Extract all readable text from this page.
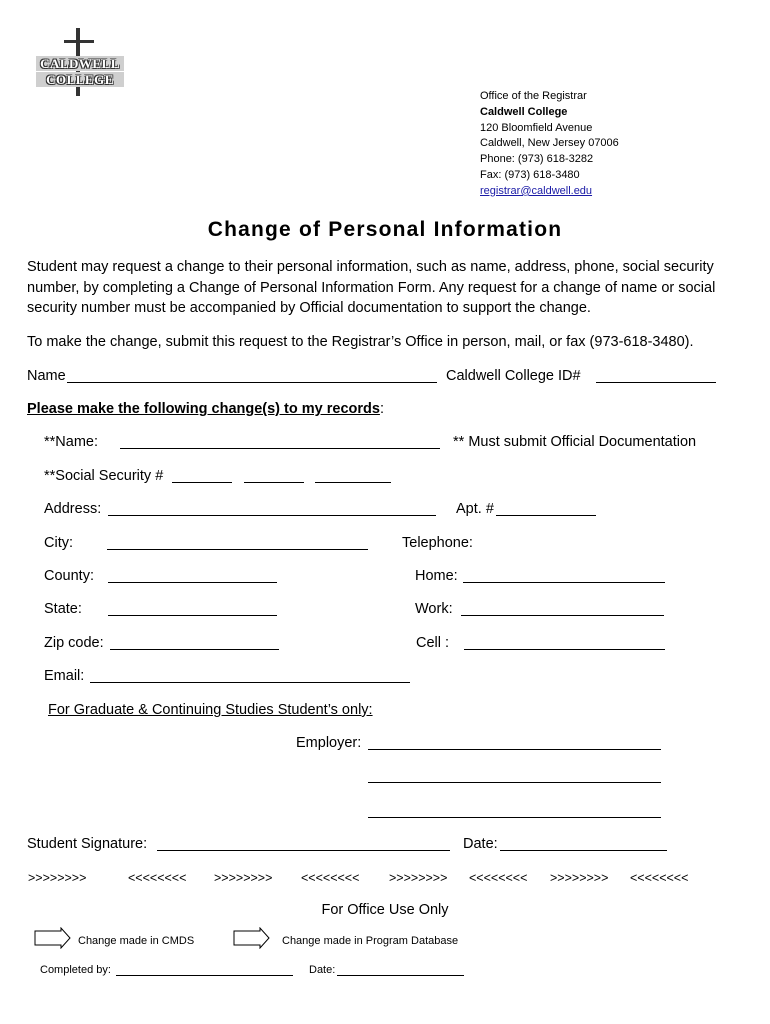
CALDWELL
COLLEGE
Office of the Registrar
Caldwell College
120 Bloomfield Avenue
Caldwell, New Jersey 07006
Phone: (973) 618-3282
Fax: (973) 618-3480
registrar@caldwell.edu
Change of Personal Information
Student may request a change to their personal information, such as name, address, phone, social security number, by completing a Change of Personal Information Form. Any request for a change of name or social security number must be accompanied by Official documentation to support the change.
To make the change, submit this request to the Registrar’s Office in person, mail, or fax (973-618-3480).
Name	Caldwell College ID#
Please make the following change(s) to my records:
**Name:	** Must submit Official Documentation
**Social Security #
Address:	Apt. #
City:	Telephone:
County:	Home:
State:	Work:
Zip code:	Cell :
Email:
For Graduate & Continuing Studies Student’s only:
Employer:
Student Signature:	Date:
>>>>>>>>	<<<<<<<< >>>>>>>> <<<<<<<< >>>>>>>> <<<<<<<< >>>>>>>> <<<<<<<<
For Office Use Only
Change made in CMDS	Change made in Program Database
Completed by:	Date:
